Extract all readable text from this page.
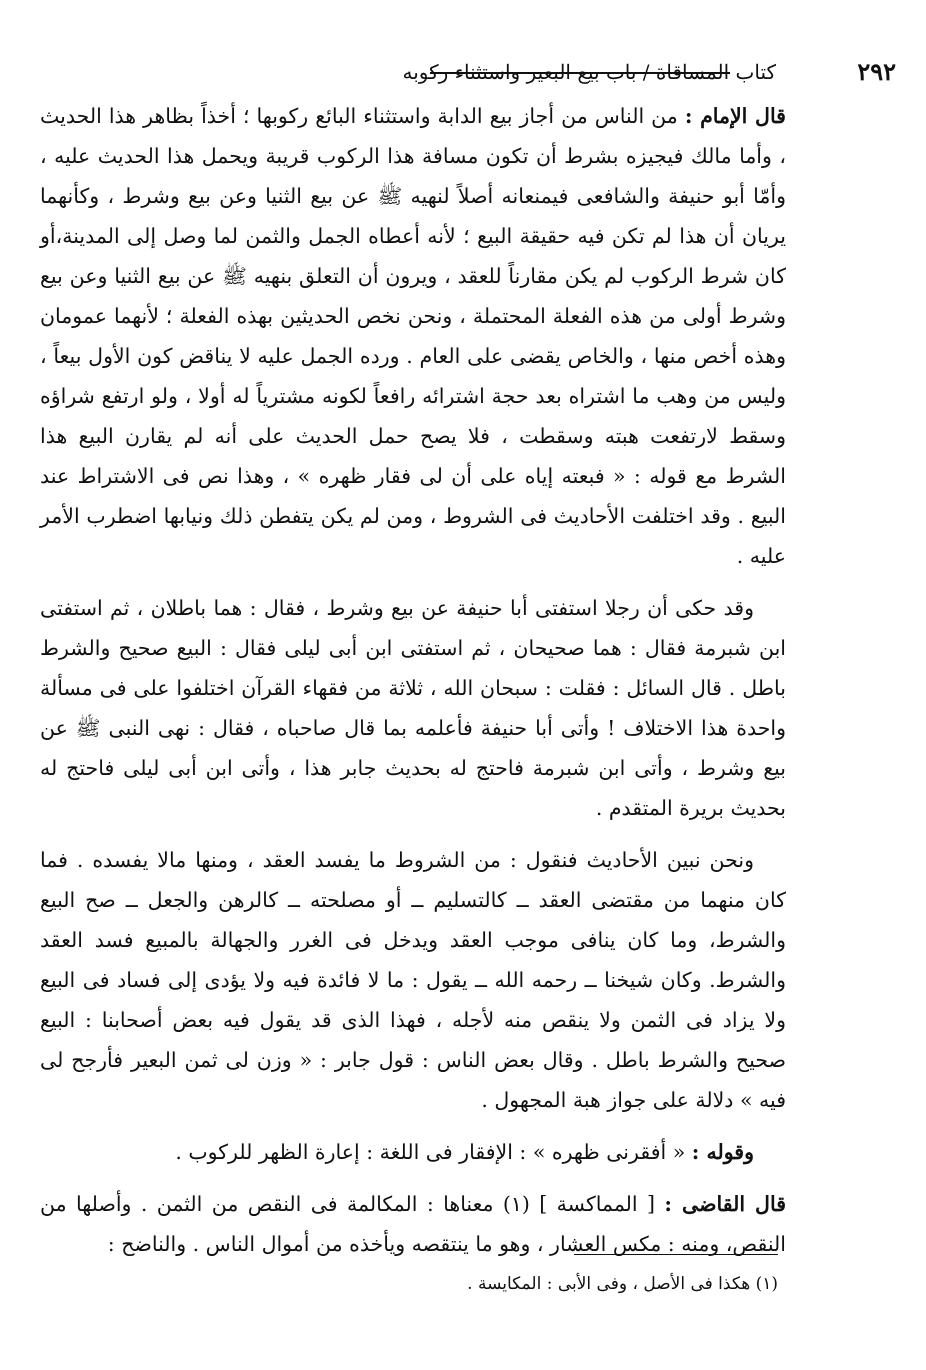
٢٩٢
كتاب المساقاة / باب بيع البعير واستثناء ركوبه

قال الإمام : من الناس من أجاز بيع الدابة واستثناء البائع ركوبها ؛ أخذاً بظاهر هذا الحديث ، وأما مالك فيجيزه بشرط أن تكون مسافة هذا الركوب قريبة ويحمل هذا الحديث عليه ، وأمّا أبو حنيفة والشافعى فيمنعانه أصلاً لنهيه ﷺ عن بيع الثنيا وعن بيع وشرط ، وكأنهما يريان أن هذا لم تكن فيه حقيقة البيع ؛ لأنه أعطاه الجمل والثمن لما وصل إلى المدينة،أو كان شرط الركوب لم يكن مقارناً للعقد ، ويرون أن التعلق بنهيه ﷺ عن بيع الثنيا وعن بيع وشرط أولى من هذه الفعلة المحتملة ، ونحن نخص الحديثين بهذه الفعلة ؛ لأنهما عمومان وهذه أخص منها ، والخاص يقضى على العام . ورده الجمل عليه لا يناقض كون الأول بيعاً ، وليس من وهب ما اشتراه بعد حجة اشترائه رافعاً لكونه مشترياً له أولا ، ولو ارتفع شراؤه وسقط لارتفعت هبته وسقطت ، فلا يصح حمل الحديث على أنه لم يقارن البيع هذا الشرط مع قوله : « فبعته إياه على أن لى فقار ظهره » ، وهذا نص فى الاشتراط عند البيع . وقد اختلفت الأحاديث فى الشروط ، ومن لم يكن يتفطن ذلك ونيابها اضطرب الأمر عليه .

وقد حكى أن رجلا استفتى أبا حنيفة عن بيع وشرط ، فقال : هما باطلان ، ثم استفتى ابن شبرمة فقال : هما صحيحان ، ثم استفتى ابن أبى ليلى فقال : البيع صحيح والشرط باطل . قال السائل : فقلت : سبحان الله ، ثلاثة من فقهاء القرآن اختلفوا على فى مسألة واحدة هذا الاختلاف ! وأتى أبا حنيفة فأعلمه بما قال صاحباه ، فقال : نهى النبى ﷺ عن بيع وشرط ، وأتى ابن شبرمة فاحتج له بحديث جابر هذا ، وأتى ابن أبى ليلى فاحتج له بحديث بريرة المتقدم .

ونحن نبين الأحاديث فنقول : من الشروط ما يفسد العقد ، ومنها مالا يفسده . فما كان منهما من مقتضى العقد ــ كالتسليم ــ أو مصلحته ــ كالرهن والجعل ــ صح البيع والشرط، وما كان ينافى موجب العقد ويدخل فى الغرر والجهالة بالمبيع فسد العقد والشرط. وكان شيخنا ــ رحمه الله ــ يقول : ما لا فائدة فيه ولا يؤدى إلى فساد فى البيع ولا يزاد فى الثمن ولا ينقص منه لأجله ، فهذا الذى قد يقول فيه بعض أصحابنا : البيع صحيح والشرط باطل . وقال بعض الناس : قول جابر : « وزن لى ثمن البعير فأرجح لى فيه » دلالة على جواز هبة المجهول .

وقوله : « أفقرنى ظهره » : الإفقار فى اللغة : إعارة الظهر للركوب .

قال القاضى : [ المماكسة ] (١) معناها : المكالمة فى النقص من الثمن . وأصلها من النقص، ومنه : مكس العشار ، وهو ما ينتقصه ويأخذه من أموال الناس . والناضح :

(١) هكذا فى الأصل ، وفى الأبى : المكايسة .
